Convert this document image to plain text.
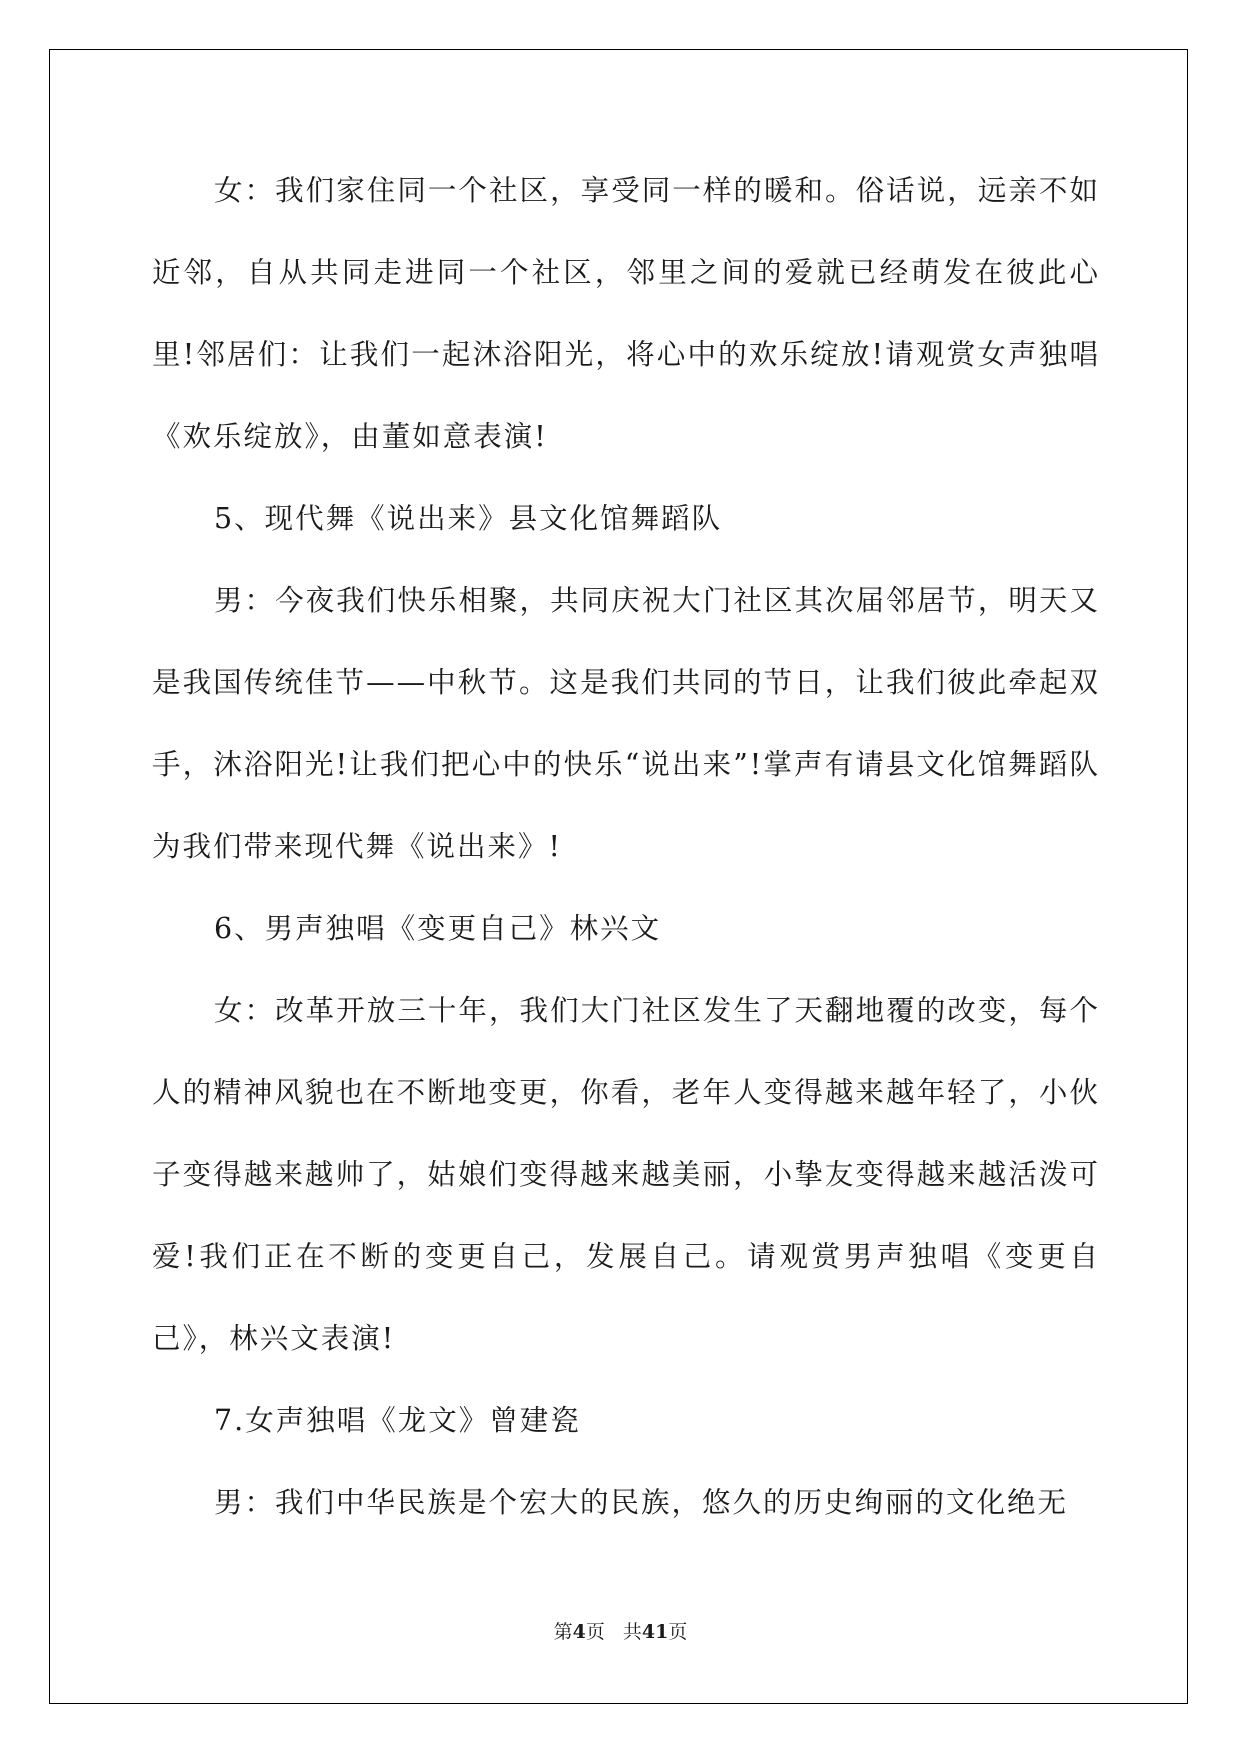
女：我们家住同一个社区，享受同一样的暖和。俗话说，远亲不如近邻，自从共同走进同一个社区，邻里之间的爱就已经萌发在彼此心里!邻居们：让我们一起沐浴阳光，将心中的欢乐绽放!请观赏女声独唱《欢乐绽放》，由董如意表演!

5、现代舞《说出来》县文化馆舞蹈队

男：今夜我们快乐相聚，共同庆祝大门社区其次届邻居节，明天又是我国传统佳节——中秋节。这是我们共同的节日，让我们彼此牵起双手，沐浴阳光!让我们把心中的快乐“说出来”!掌声有请县文化馆舞蹈队为我们带来现代舞《说出来》!

6、男声独唱《变更自己》林兴文

女：改革开放三十年，我们大门社区发生了天翻地覆的改变，每个人的精神风貌也在不断地变更，你看，老年人变得越来越年轻了，小伙子变得越来越帅了，姑娘们变得越来越美丽，小挚友变得越来越活泼可爱!我们正在不断的变更自己，发展自己。请观赏男声独唱《变更自己》，林兴文表演!

7.女声独唱《龙文》曾建瓷

男：我们中华民族是个宏大的民族，悠久的历史绚丽的文化绝无

第4页 共41页
